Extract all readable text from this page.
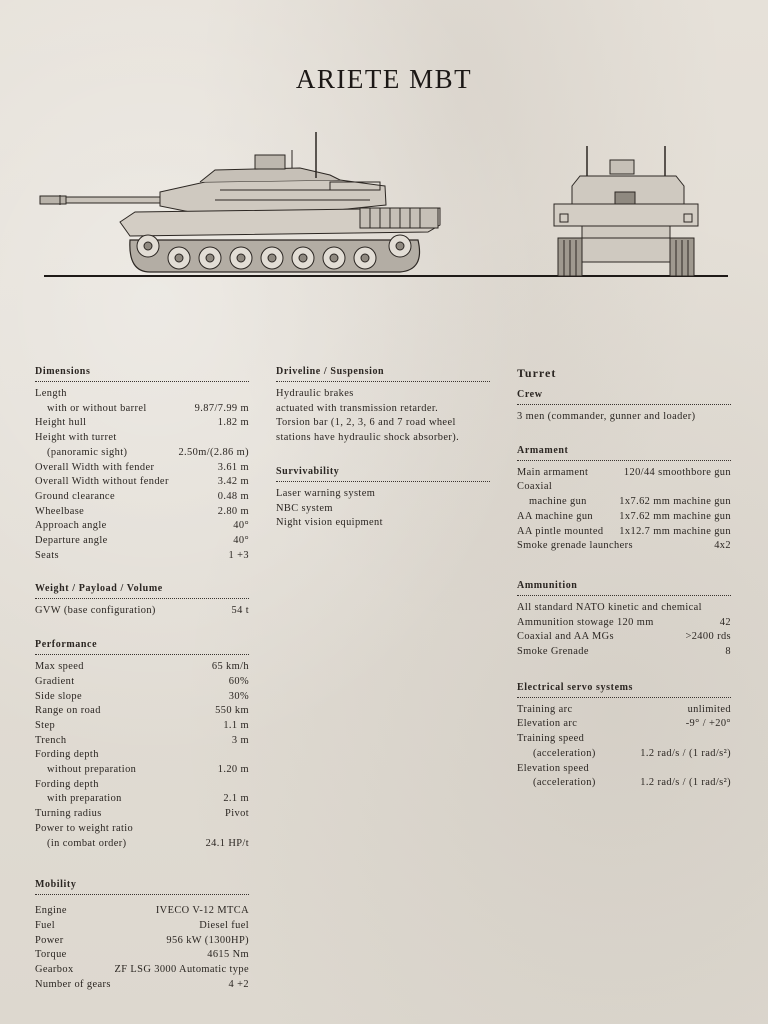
ARIETE MBT
Dimensions
Length
with or without barrel	9.87/7.99 m
Height hull	1.82 m
Height with turret
(panoramic sight)	2.50m/(2.86 m)
Overall Width with fender	3.61 m
Overall Width without fender	3.42 m
Ground clearance	0.48 m
Wheelbase	2.80 m
Approach angle	40°
Departure angle	40°
Seats	1 +3
Weight / Payload / Volume
GVW (base configuration)	54 t
Performance
Max speed	65 km/h
Gradient	60%
Side slope	30%
Range on road	550 km
Step	1.1 m
Trench	3 m
Fording depth
without preparation	1.20 m
Fording depth
with preparation	2.1 m
Turning radius	Pivot
Power to weight ratio
(in combat order)	24.1 HP/t
Mobility
Engine	IVECO V-12 MTCA
Fuel	Diesel fuel
Power	956 kW (1300HP)
Torque	4615 Nm
Gearbox	ZF LSG 3000 Automatic type
Number of gears	4 +2
Driveline / Suspension
Hydraulic brakes
actuated with transmission retarder.
Torsion bar (1, 2, 3, 6 and 7 road wheel
stations have hydraulic shock absorber).
Survivability
Laser warning system
NBC system
Night vision equipment
Turret
Crew
3 men (commander, gunner and loader)
Armament
Main armament	120/44 smoothbore gun
Coaxial
machine gun	1x7.62 mm machine gun
AA machine gun	1x7.62 mm machine gun
AA pintle mounted 1x12.7 mm machine gun
Smoke grenade launchers	4x2
Ammunition
All standard NATO kinetic and chemical
Ammunition stowage 120 mm	42
Coaxial and AA MGs	>2400 rds
Smoke Grenade	8
Electrical servo systems
Training arc	unlimited
Elevation arc	-9° / +20°
Training speed
(acceleration)	1.2 rad/s / (1 rad/s²)
Elevation speed
(acceleration)	1.2 rad/s / (1 rad/s²)
